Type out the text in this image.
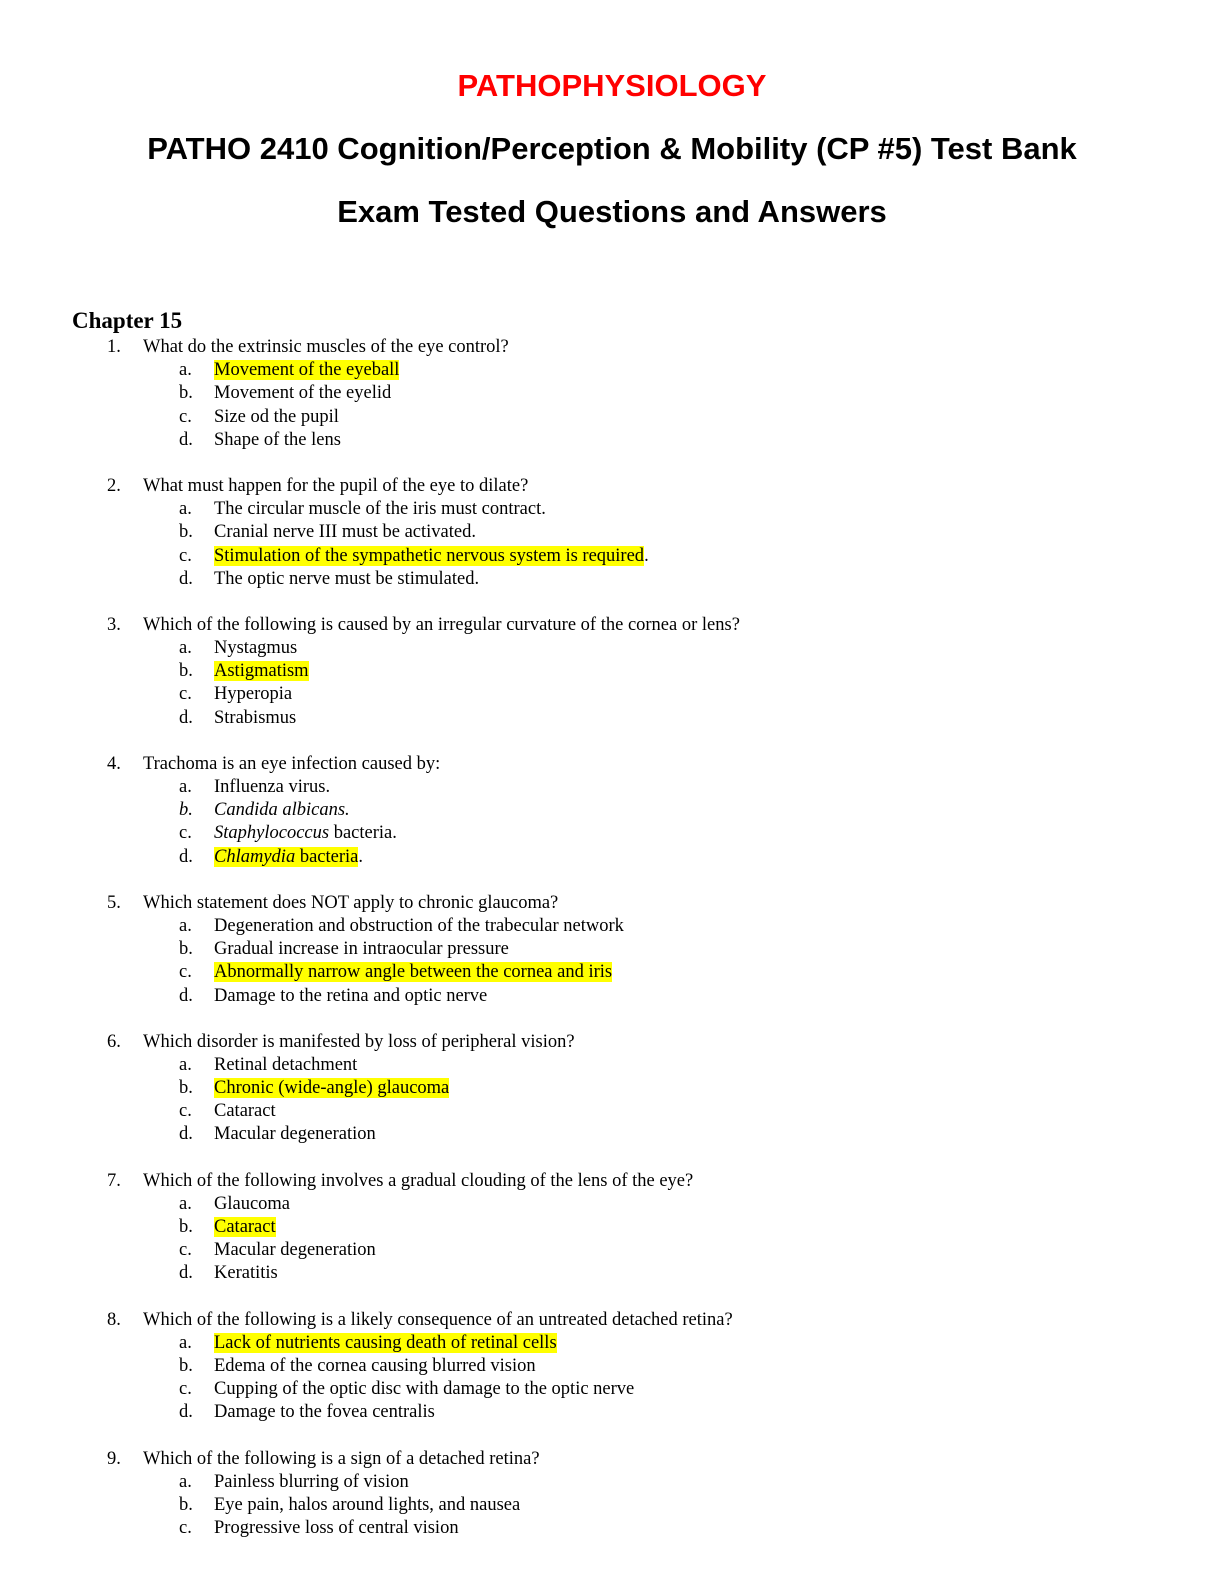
PATHOPHYSIOLOGY
PATHO 2410 Cognition/Perception & Mobility (CP #5) Test Bank
Exam Tested Questions and Answers
Chapter 15
1. What do the extrinsic muscles of the eye control?
a. Movement of the eyeball
b. Movement of the eyelid
c. Size od the pupil
d. Shape of the lens
2. What must happen for the pupil of the eye to dilate?
a. The circular muscle of the iris must contract.
b. Cranial nerve III must be activated.
c. Stimulation of the sympathetic nervous system is required.
d. The optic nerve must be stimulated.
3. Which of the following is caused by an irregular curvature of the cornea or lens?
a. Nystagmus
b. Astigmatism
c. Hyperopia
d. Strabismus
4. Trachoma is an eye infection caused by:
a. Influenza virus.
b. Candida albicans.
c. Staphylococcus bacteria.
d. Chlamydia bacteria.
5. Which statement does NOT apply to chronic glaucoma?
a. Degeneration and obstruction of the trabecular network
b. Gradual increase in intraocular pressure
c. Abnormally narrow angle between the cornea and iris
d. Damage to the retina and optic nerve
6. Which disorder is manifested by loss of peripheral vision?
a. Retinal detachment
b. Chronic (wide-angle) glaucoma
c. Cataract
d. Macular degeneration
7. Which of the following involves a gradual clouding of the lens of the eye?
a. Glaucoma
b. Cataract
c. Macular degeneration
d. Keratitis
8. Which of the following is a likely consequence of an untreated detached retina?
a. Lack of nutrients causing death of retinal cells
b. Edema of the cornea causing blurred vision
c. Cupping of the optic disc with damage to the optic nerve
d. Damage to the fovea centralis
9. Which of the following is a sign of a detached retina?
a. Painless blurring of vision
b. Eye pain, halos around lights, and nausea
c. Progressive loss of central vision
